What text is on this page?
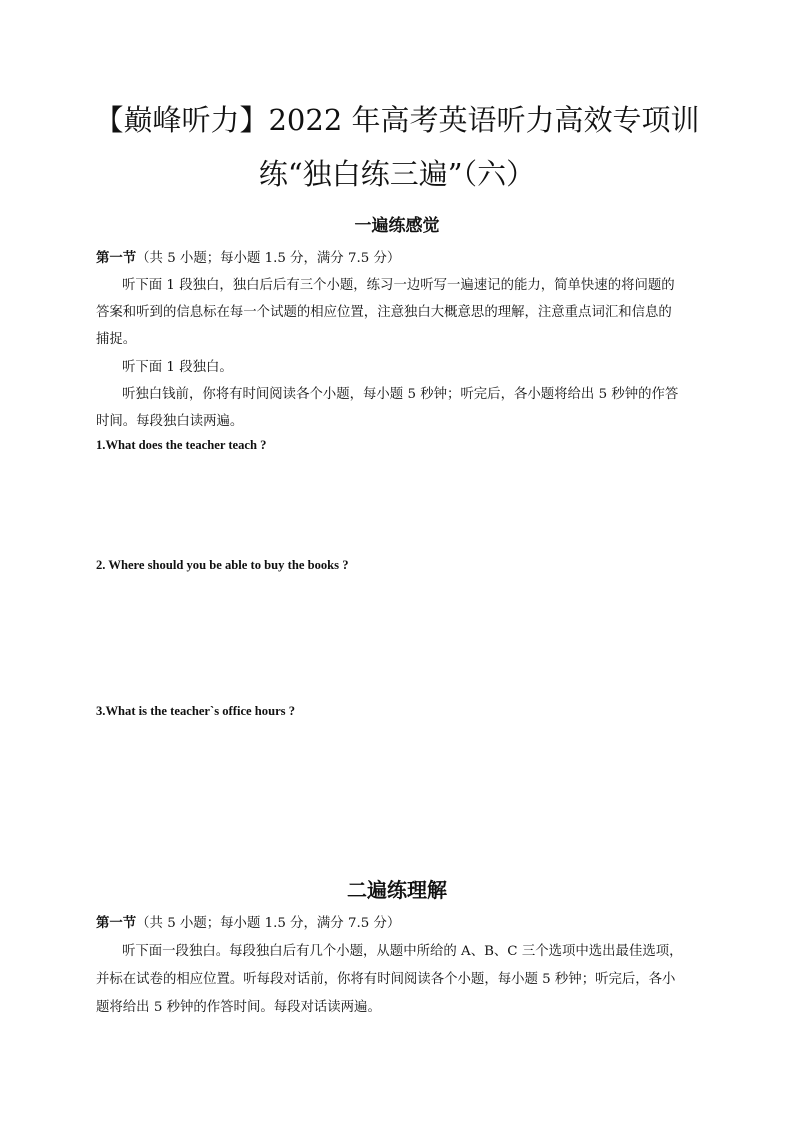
【巅峰听力】2022 年高考英语听力高效专项训
练“独白练三遍”（六）
一遍练感觉
第一节（共 5 小题；每小题 1.5 分，满分 7.5 分）
听下面 1 段独白，独白后后有三个小题，练习一边听写一遍速记的能力，简单快速的将问题的
答案和听到的信息标在每一个试题的相应位置，注意独白大概意思的理解，注意重点词汇和信息的
捕捉。
听下面 1 段独白。
听独白钱前，你将有时间阅读各个小题，每小题 5 秒钟；听完后，各小题将给出 5 秒钟的作答
时间。每段独白读两遍。
1.What does the teacher teach ?
2. Where should you be able to buy the books ?
3.What is the teacher`s office hours ?
二遍练理解
第一节（共 5 小题；每小题 1.5 分，满分 7.5 分）
听下面一段独白。每段独白后有几个小题，从题中所给的 A、B、C 三个选项中选出最佳选项，
并标在试卷的相应位置。听每段对话前，你将有时间阅读各个小题，每小题 5 秒钟；听完后，各小
题将给出 5 秒钟的作答时间。每段对话读两遍。
